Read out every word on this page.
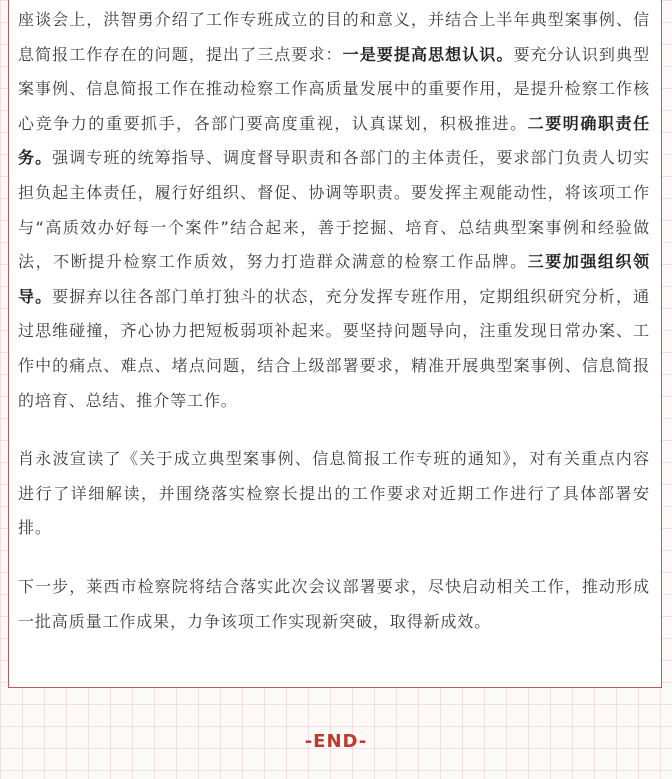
座谈会上，洪智勇介绍了工作专班成立的目的和意义，并结合上半年典型案事例、信息简报工作存在的问题，提出了三点要求：一是要提高思想认识。要充分认识到典型案事例、信息简报工作在推动检察工作高质量发展中的重要作用，是提升检察工作核心竞争力的重要抓手，各部门要高度重视，认真谋划，积极推进。二要明确职责任务。强调专班的统筹指导、调度督导职责和各部门的主体责任，要求部门负责人切实担负起主体责任，履行好组织、督促、协调等职责。要发挥主观能动性，将该项工作与“高质效办好每一个案件”结合起来，善于挖掘、培育、总结典型案事例和经验做法，不断提升检察工作质效，努力打造群众满意的检察工作品牌。三要加强组织领导。要摒弃以往各部门单打独斗的状态，充分发挥专班作用，定期组织研究分析，通过思维碰撞，齐心协力把短板弱项补起来。要坚持问题导向，注重发现日常办案、工作中的痛点、难点、堵点问题，结合上级部署要求，精准开展典型案事例、信息简报的培育、总结、推介等工作。

肖永波宣读了《关于成立典型案事例、信息简报工作专班的通知》，对有关重点内容进行了详细解读，并围绕落实检察长提出的工作要求对近期工作进行了具体部署安排。

下一步，莱西市检察院将结合落实此次会议部署要求，尽快启动相关工作，推动形成一批高质量工作成果，力争该项工作实现新突破，取得新成效。

-END-
